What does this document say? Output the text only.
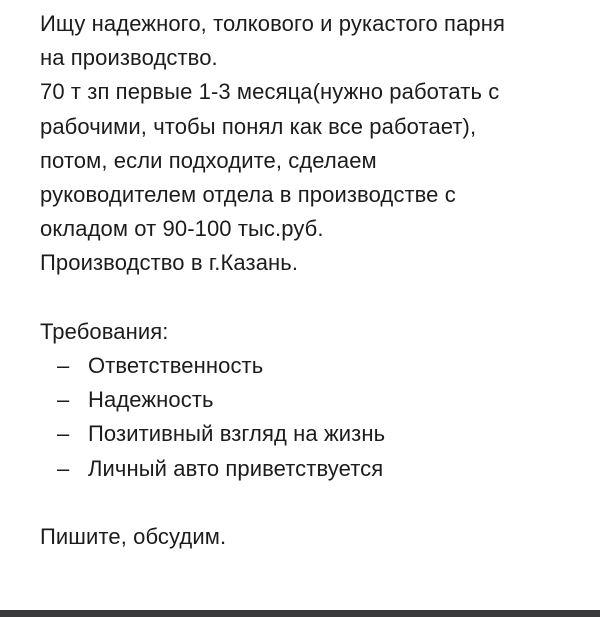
Ищу надежного, толкового и рукастого парня
на производство.
70 т зп первые 1-3 месяца(нужно работать с
рабочими, чтобы понял как все работает),
потом, если подходите, сделаем
руководителем отдела в производстве с
окладом от 90-100 тыс.руб.
Производство в г.Казань.
Требования:
– Ответственность
– Надежность
– Позитивный взгляд на жизнь
– Личный авто приветствуется
Пишите, обсудим.
